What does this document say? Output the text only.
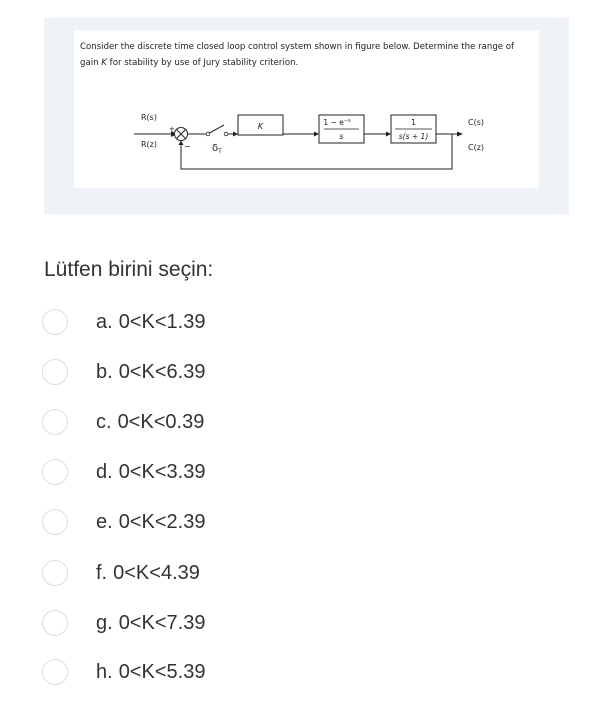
Consider the discrete time closed loop control system shown in figure below. Determine the range of gain K for stability by use of Jury stability criterion.

R(s)
R(z)
+
− $\delta_T$
K	$1 - e^{-s}$
s
1
s(s + 1)
C(s)
C(z)
Lütfen birini seçin:
a. 0<K<1.39
b. 0<K<6.39
c. 0<K<0.39
d. 0<K<3.39
e. 0<K<2.39
f. 0<K<4.39
g. 0<K<7.39
h. 0<K<5.39
